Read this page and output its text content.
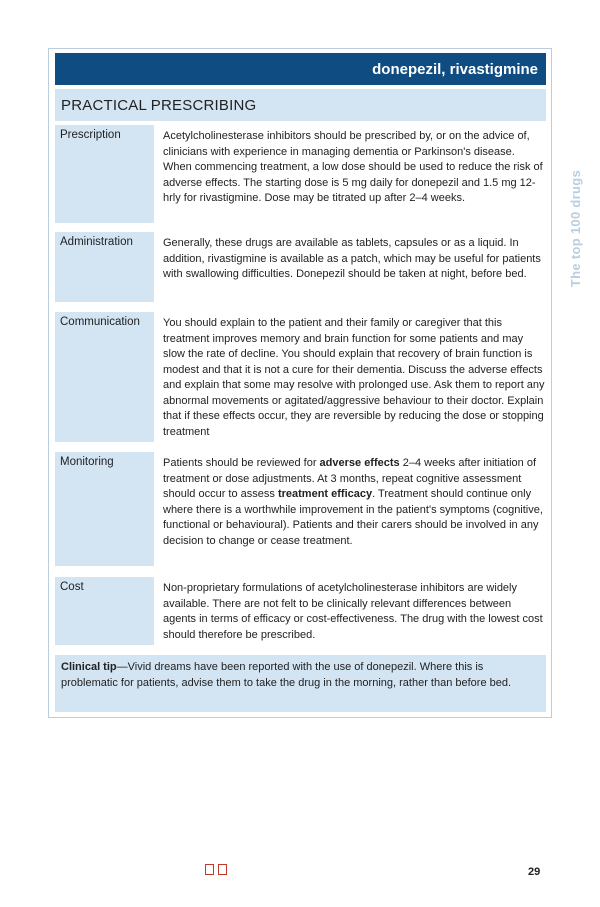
donepezil, rivastigmine
PRACTICAL PRESCRIBING
Prescription	Acetylcholinesterase inhibitors should be prescribed by, or on the advice of, clinicians with experience in managing dementia or Parkinson's disease. When commencing treatment, a low dose should be used to reduce the risk of adverse effects. The starting dose is 5 mg daily for donepezil and 1.5 mg 12- hrly for rivastigmine. Dose may be titrated up after 2–4 weeks.
Administration	Generally, these drugs are available as tablets, capsules or as a liquid. In addition, rivastigmine is available as a patch, which may be useful for patients with swallowing difficulties. Donepezil should be taken at night, before bed.
Communication	You should explain to the patient and their family or caregiver that this treatment improves memory and brain function for some patients and may slow the rate of decline. You should explain that recovery of brain function is modest and that it is not a cure for their dementia. Discuss the adverse effects and explain that some may resolve with prolonged use. Ask them to report any abnormal movements or agitated/aggressive behaviour to their doctor. Explain that if these effects occur, they are reversible by reducing the dose or stopping treatment
Monitoring	Patients should be reviewed for adverse effects 2–4 weeks after initiation of treatment or dose adjustments. At 3 months, repeat cognitive assessment should occur to assess treatment efficacy. Treatment should continue only where there is a worthwhile improvement in the patient's symptoms (cognitive, functional or behavioural). Patients and their carers should be involved in any decision to change or cease treatment.
Cost	Non-proprietary formulations of acetylcholinesterase inhibitors are widely available. There are not felt to be clinically relevant differences between agents in terms of efficacy or cost-effectiveness. The drug with the lowest cost should therefore be prescribed.
Clinical tip—Vivid dreams have been reported with the use of donepezil. Where this is problematic for patients, advise them to take the drug in the morning, rather than before bed.
The top 100 drugs
29
